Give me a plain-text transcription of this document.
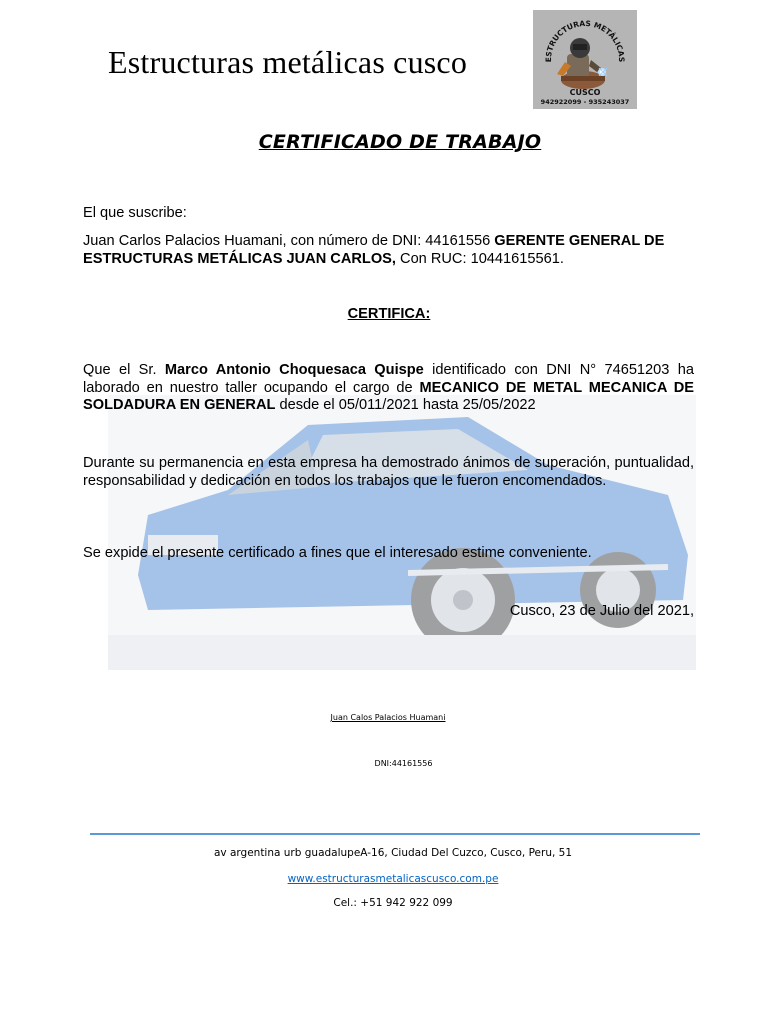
Estructuras metálicas cusco	ESTRUCTURAS METÁLICAS
CUSCO
942922099 - 935243037
CERTIFICADO DE TRABAJO
El que suscribe:
Juan Carlos Palacios Huamani, con número de DNI: 44161556 GERENTE GENERAL DE ESTRUCTURAS METÁLICAS JUAN CARLOS, Con RUC: 10441615561.
CERTIFICA:
Que el Sr. Marco Antonio Choquesaca Quispe identificado con DNI N° 74651203 ha laborado en nuestro taller ocupando el cargo de MECANICO DE METAL MECANICA DE SOLDADURA EN GENERAL desde el 05/011/2021 hasta 25/05/2022
Durante su permanencia en esta empresa ha demostrado ánimos de superación, puntualidad, responsabilidad y dedicación en todos los trabajos que le fueron encomendados.
Se expide el presente certificado a fines que el interesado estime conveniente.
Cusco, 23 de Julio del 2021,
Juan Calos Palacios Huamani
DNI:44161556
av argentina urb guadalupeA-16, Ciudad Del Cuzco, Cusco, Peru, 51
www.estructurasmetalicascusco.com.pe
Cel.: +51 942 922 099
